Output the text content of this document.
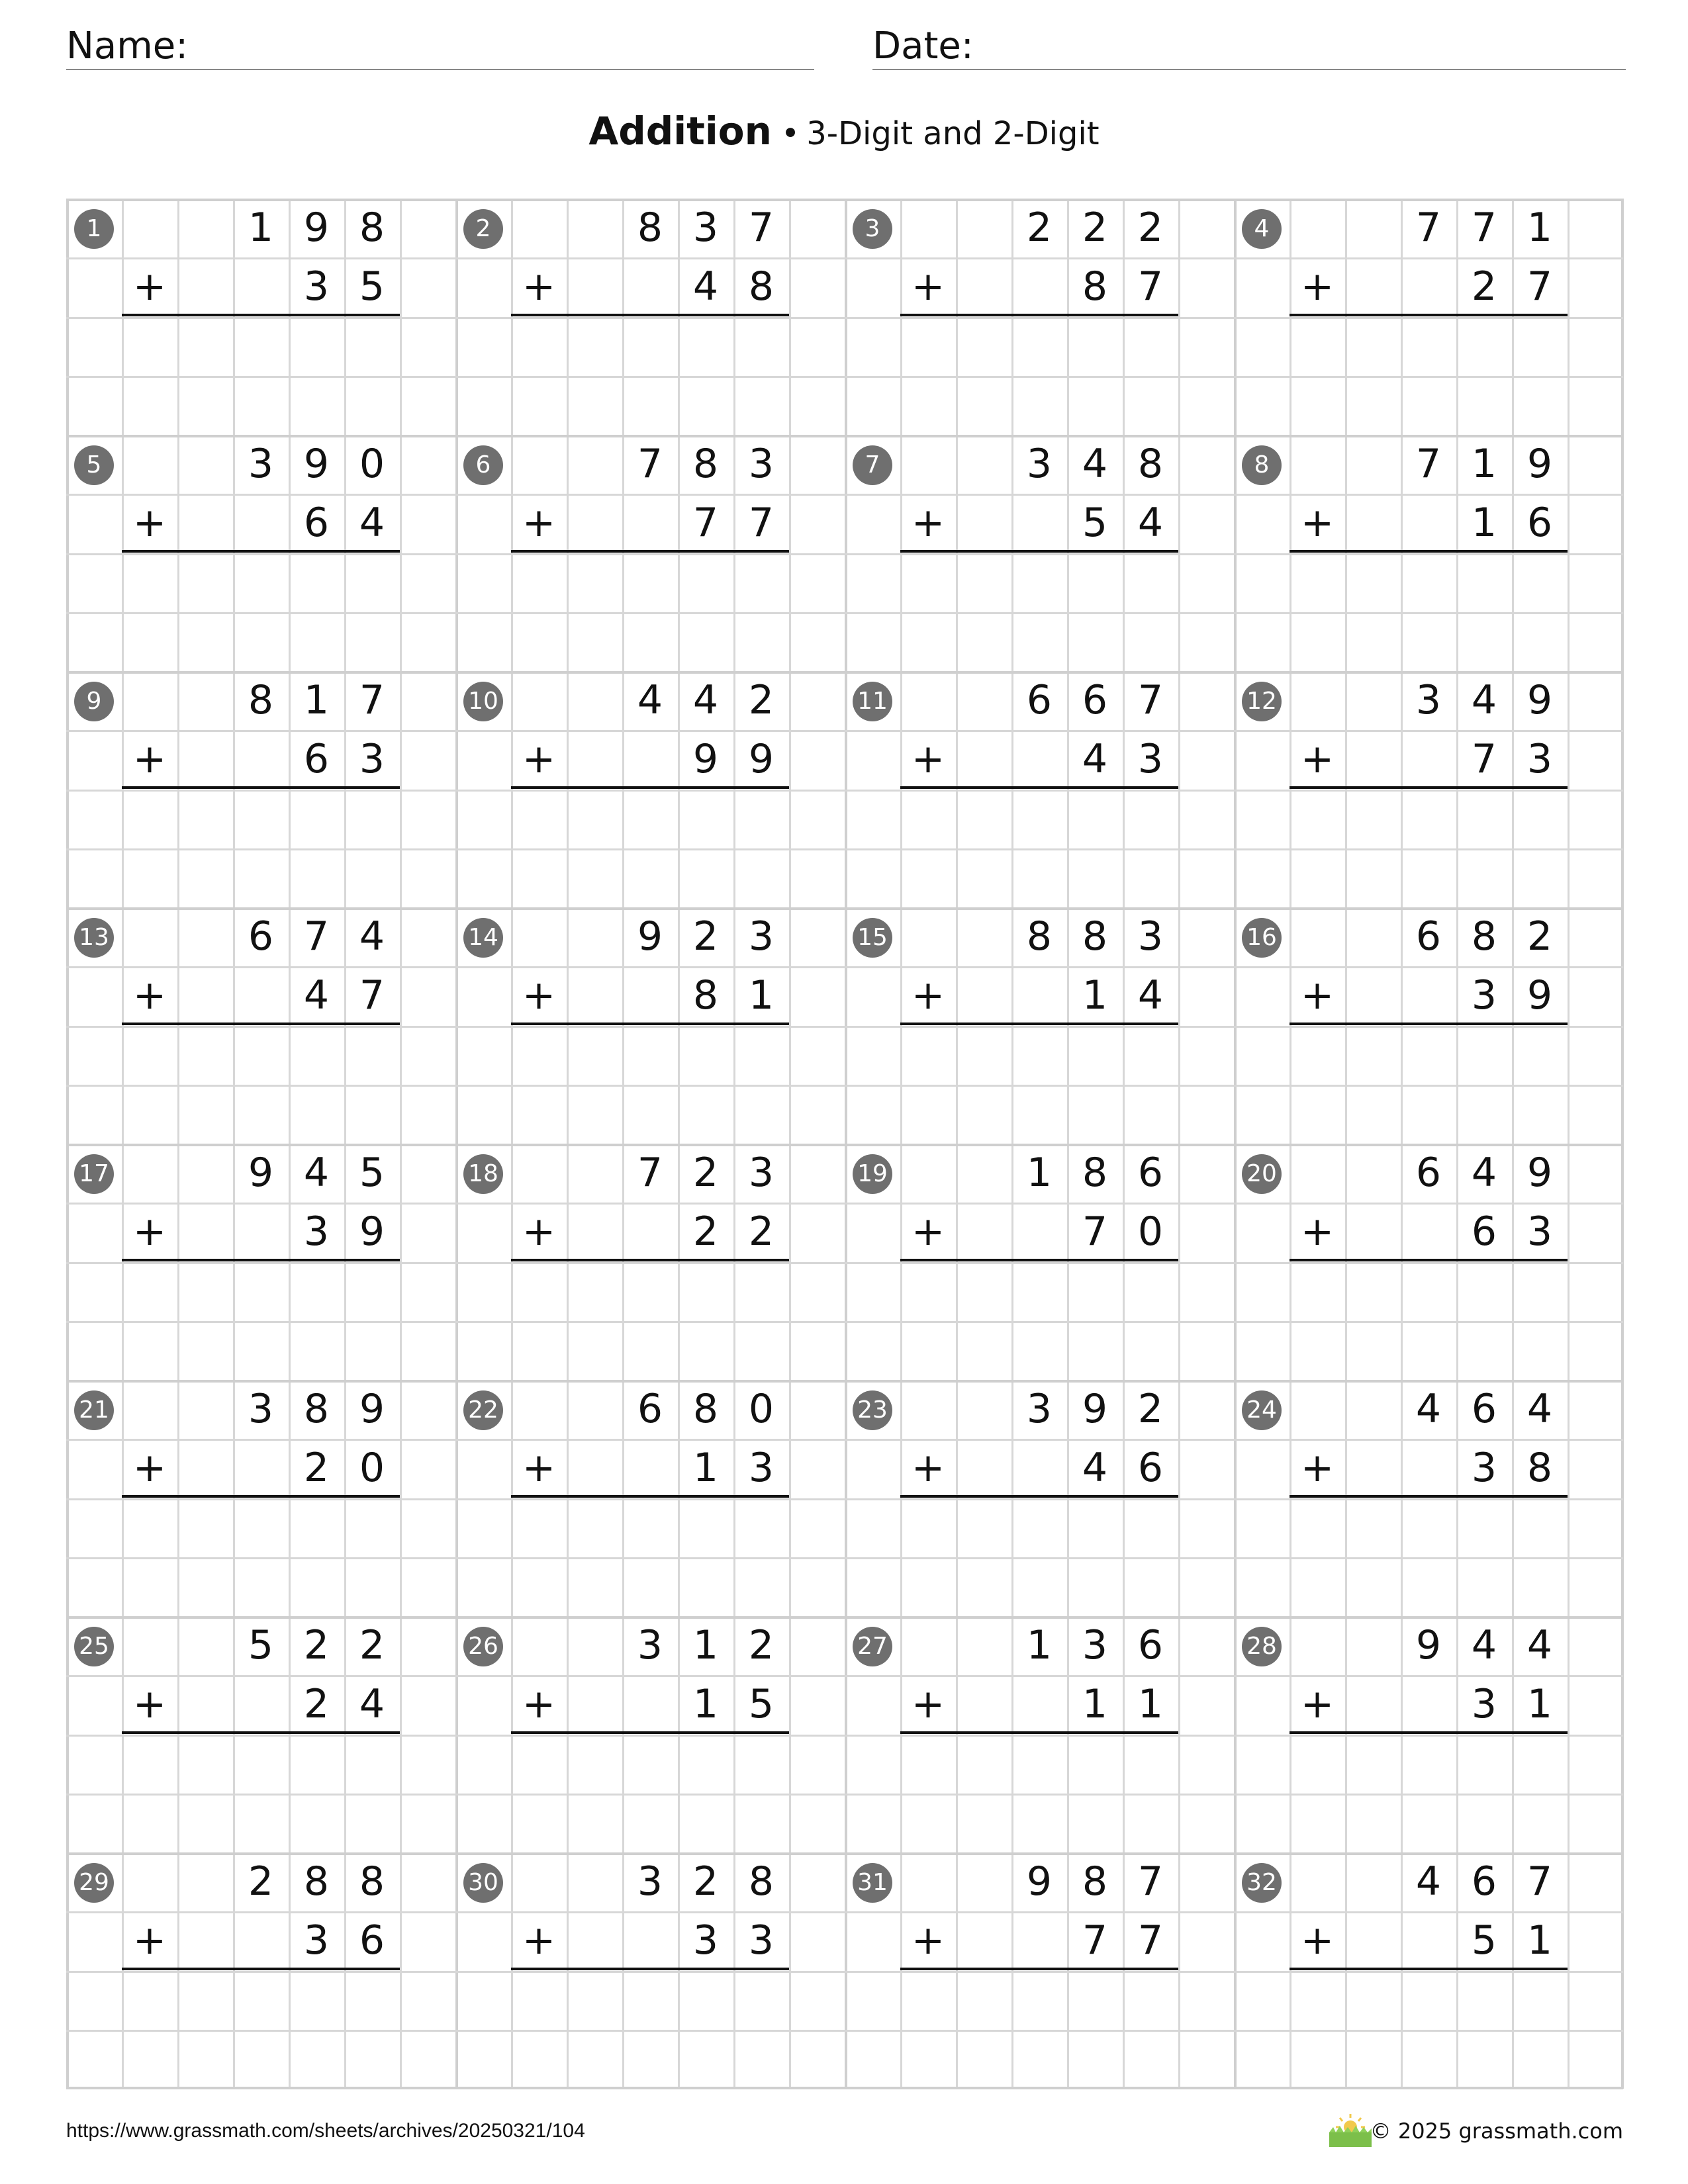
Name:	Date:
Addition • 3-Digit and 2-Digit
1	1 9 8
+	3 5
2	8 3 7
+	4 8
3	2 2 2
+	8 7
4	7 7 1
+	2 7
5	3 9 0
+	6 4
6	7 8 3
+	7 7
7	3 4 8
+	5 4
8	7 1 9
+	1 6
9	8 1 7
+	6 3
10	4 4 2
+	9 9
11	6 6 7
+	4 3
12	3 4 9
+	7 3
13	6 7 4
+	4 7
14	9 2 3
+	8 1
15	8 8 3
+	1 4
16	6 8 2
+	3 9
17	9 4 5
+	3 9
18	7 2 3
+	2 2
19	1 8 6
+	7 0
20	6 4 9
+	6 3
21	3 8 9
+	2 0
22	6 8 0
+	1 3
23	3 9 2
+	4 6
24	4 6 4
+	3 8
25	5 2 2
+	2 4
26	3 1 2
+	1 5
27	1 3 6
+	1 1
28	9 4 4
+	3 1
29	2 8 8
+	3 6
30	3 2 8
+	3 3
31	9 8 7
+	7 7
32	4 6 7
+	5 1
https://www.grassmath.com/sheets/archives/20250321/104	© 2025 grassmath.com
